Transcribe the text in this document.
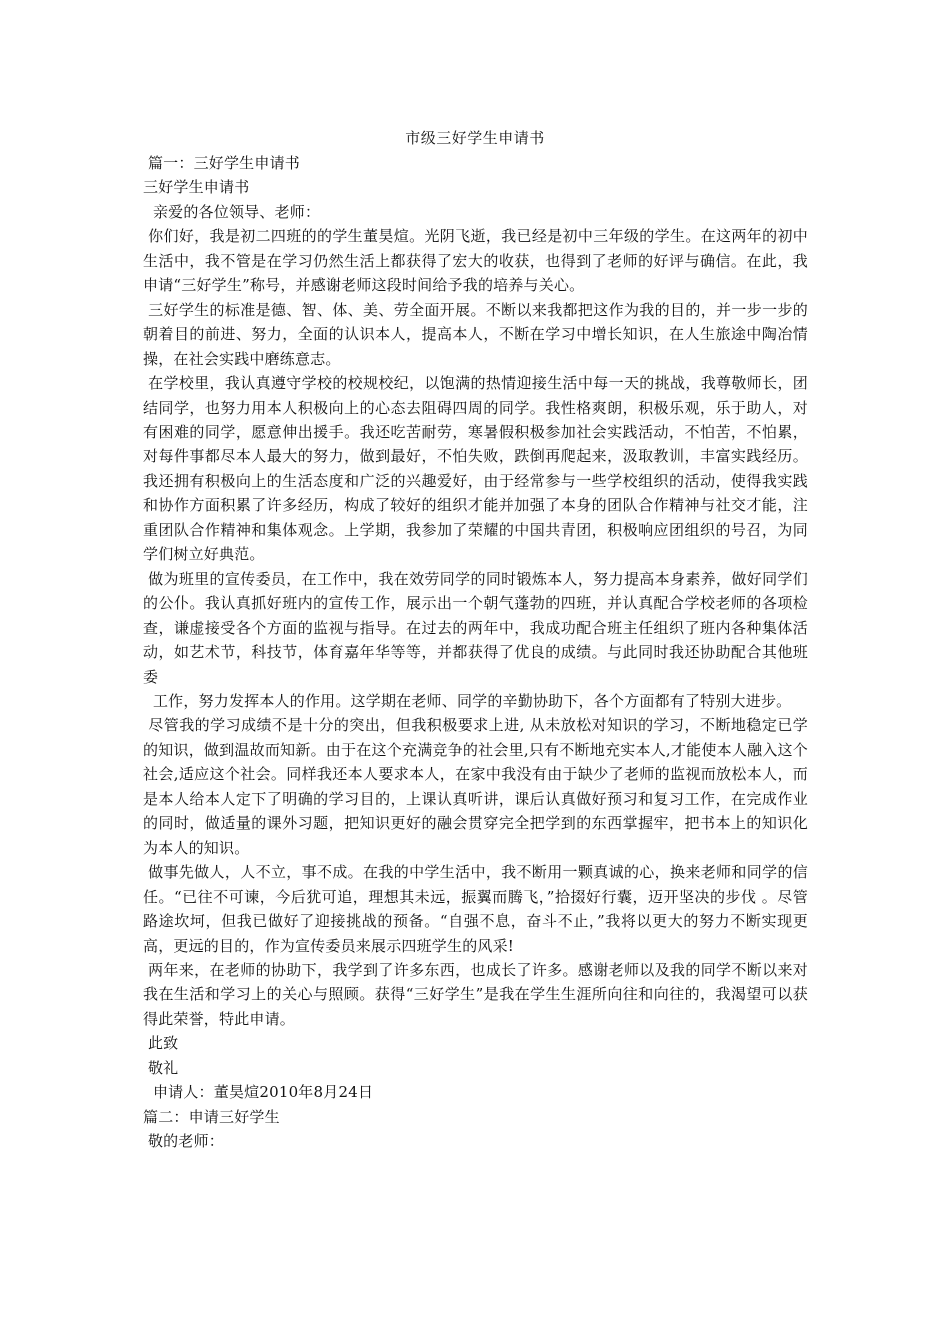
市级三好学生申请书

篇一：三好学生申请书

三好学生申请书

亲爱的各位领导、老师：

你们好，我是初二四班的的学生董昊煊。光阴飞逝，我已经是初中三年级的学生。在这两年的初中生活中，我不管是在学习仍然生活上都获得了宏大的收获，也得到了老师的好评与确信。在此，我申请“三好学生”称号，并感谢老师这段时间给予我的培养与关心。

三好学生的标准是德、智、体、美、劳全面开展。不断以来我都把这作为我的目的，并一步一步的朝着目的前进、努力，全面的认识本人，提高本人，不断在学习中增长知识，在人生旅途中陶冶情操，在社会实践中磨练意志。

在学校里，我认真遵守学校的校规校纪，以饱满的热情迎接生活中每一天的挑战，我尊敬师长，团结同学，也努力用本人积极向上的心态去阻碍四周的同学。我性格爽朗，积极乐观，乐于助人，对有困难的同学，愿意伸出援手。我还吃苦耐劳，寒暑假积极参加社会实践活动，不怕苦，不怕累，对每件事都尽本人最大的努力，做到最好，不怕失败，跌倒再爬起来，汲取教训，丰富实践经历。我还拥有积极向上的生活态度和广泛的兴趣爱好，由于经常参与一些学校组织的活动，使得我实践和协作方面积累了许多经历，构成了较好的组织才能并加强了本身的团队合作精神与社交才能，注重团队合作精神和集体观念。上学期，我参加了荣耀的中国共青团，积极响应团组织的号召，为同学们树立好典范。

做为班里的宣传委员，在工作中，我在效劳同学的同时锻炼本人，努力提高本身素养，做好同学们的公仆。我认真抓好班内的宣传工作，展示出一个朝气蓬勃的四班，并认真配合学校老师的各项检查，谦虚接受各个方面的监视与指导。在过去的两年中，我成功配合班主任组织了班内各种集体活动，如艺术节，科技节，体育嘉年华等等，并都获得了优良的成绩。与此同时我还协助配合其他班委

工作，努力发挥本人的作用。这学期在老师、同学的辛勤协助下，各个方面都有了特别大进步。

尽管我的学习成绩不是十分的突出，但我积极要求上进, 从未放松对知识的学习，不断地稳定已学的知识，做到温故而知新。由于在这个充满竞争的社会里,只有不断地充实本人,才能使本人融入这个社会,适应这个社会。同样我还本人要求本人，在家中我没有由于缺少了老师的监视而放松本人，而是本人给本人定下了明确的学习目的，上课认真听讲，课后认真做好预习和复习工作，在完成作业的同时，做适量的课外习题，把知识更好的融会贯穿完全把学到的东西掌握牢，把书本上的知识化为本人的知识。

做事先做人，人不立，事不成。在我的中学生活中，我不断用一颗真诚的心，换来老师和同学的信任。“已往不可谏，今后犹可追，理想其未远，振翼而腾飞，”拾掇好行囊，迈开坚决的步伐 。尽管路途坎坷，但我已做好了迎接挑战的预备。“自强不息，奋斗不止，”我将以更大的努力不断实现更高，更远的目的，作为宣传委员来展示四班学生的风采!

两年来，在老师的协助下，我学到了许多东西，也成长了许多。感谢老师以及我的同学不断以来对我在生活和学习上的关心与照顾。获得“三好学生”是我在学生生涯所向往和向往的，我渴望可以获得此荣誉，特此申请。

此致

敬礼

申请人：董昊煊2010年8月24日

篇二：申请三好学生

敬的老师：
